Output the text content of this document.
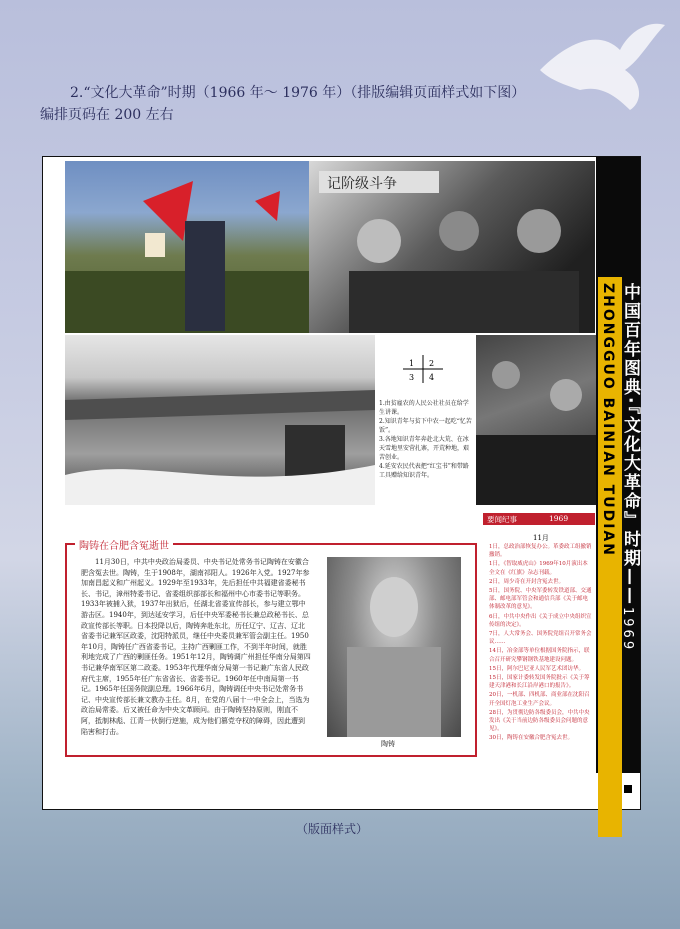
2.“文化大革命”时期（1966 年～ 1976 年）（排版编辑页面样式如下图）
编排页码在 200 左右
记阶级斗争
1 2
3 4
1.由贫雇农的人民公社社员在给学生讲课。
2.知识青年与贫下中农一起吃“忆苦饭”。
3.各地知识青年奔赴北大荒、在冰天雪地里安营扎寨，开荒种地，艰苦创业。
4.延安农民代表把“红宝书”和带路工具赠给知识青年。
陶铸在合肥含冤逝世
11月30日，中共中央政治局委员、中央书记处常务书记陶铸在安徽合肥含冤去世。陶铸，生于1908年，湖南祁阳人。1926年入党。1927年参加南昌起义和广州起义。1929年至1933年，先后担任中共福建省委秘书长、书记，漳州特委书记、省委组织部部长和福州中心市委书记等职务。1933年被捕入狱，1937年出狱后，任湖北省委宣传部长，参与建立鄂中游击区。1940年，到达延安学习，后任中央军委秘书长兼总政秘书长、总政宣传部长等职。日本投降以后，陶铸奔赴东北，历任辽宁、辽吉、辽北省委书记兼军区政委，沈阳特派员，继任中央委员兼军管会副主任。1950年10月，陶铸任广西省委书记，主持广西剿匪工作，不到半年时间，就胜利地完成了广西的剿匪任务。1951年12月，陶铸调广州担任华南分局第四书记兼华南军区第二政委。1953年代理华南分局第一书记兼广东省人民政府代主席，1955年任广东省省长、省委书记。1960年任中南局第一书记。1965年任国务院副总理。1966年6月，陶铸调任中央书记处常务书记、中央宣传部长兼文教办主任。8月，在党的八届十一中全会上，当选为政治局常委。后又被任命为中央文革顾问。由于陶铸坚持原则，刚直不阿，抵制林彪、江青一伙倒行逆施，成为他们篡党夺权的障碍，因此遭到陷害和打击。
陶铸
ZHONGGUO BAINIAN TUDIAN 中国百年图典·『文化大革命』时期——
1969
要闻纪事	1969
11月

1日，总政治部恢复办公。革委政工组撤销撤销。

1日，《智取威虎山》1969年10月演出本全文在《红旗》杂志刊载。

2日，周少奇在开封含冤去世。

5日，国务院、中央军委转发铁道部、交通部、邮电部军管会和通信兵部《关于邮电体制改革的意见》。

6日，中共中央作出《关于成立中央组织宣传组的决定》。

7日，人大常务会、国务院党组召开常务会议……

14日，冶金部等单位根据国务院指示，联合召开研究攀钢钢铁基地建设问题。

15日，阿尔巴尼亚人民军艺术团访华。

15日，国家计委转发国务院批示《关于筹建天津港和长江沿岸港口的报告》。

20日，一机部、四机部、商业部在沈阳召开全国灯泡工业生产会议。

28日，为贯彻边防各级委员会，中共中央发出《关于当前边防各级委员会问题的意见》。

30日，陶铸在安徽合肥含冤去世。

（版面样式）
